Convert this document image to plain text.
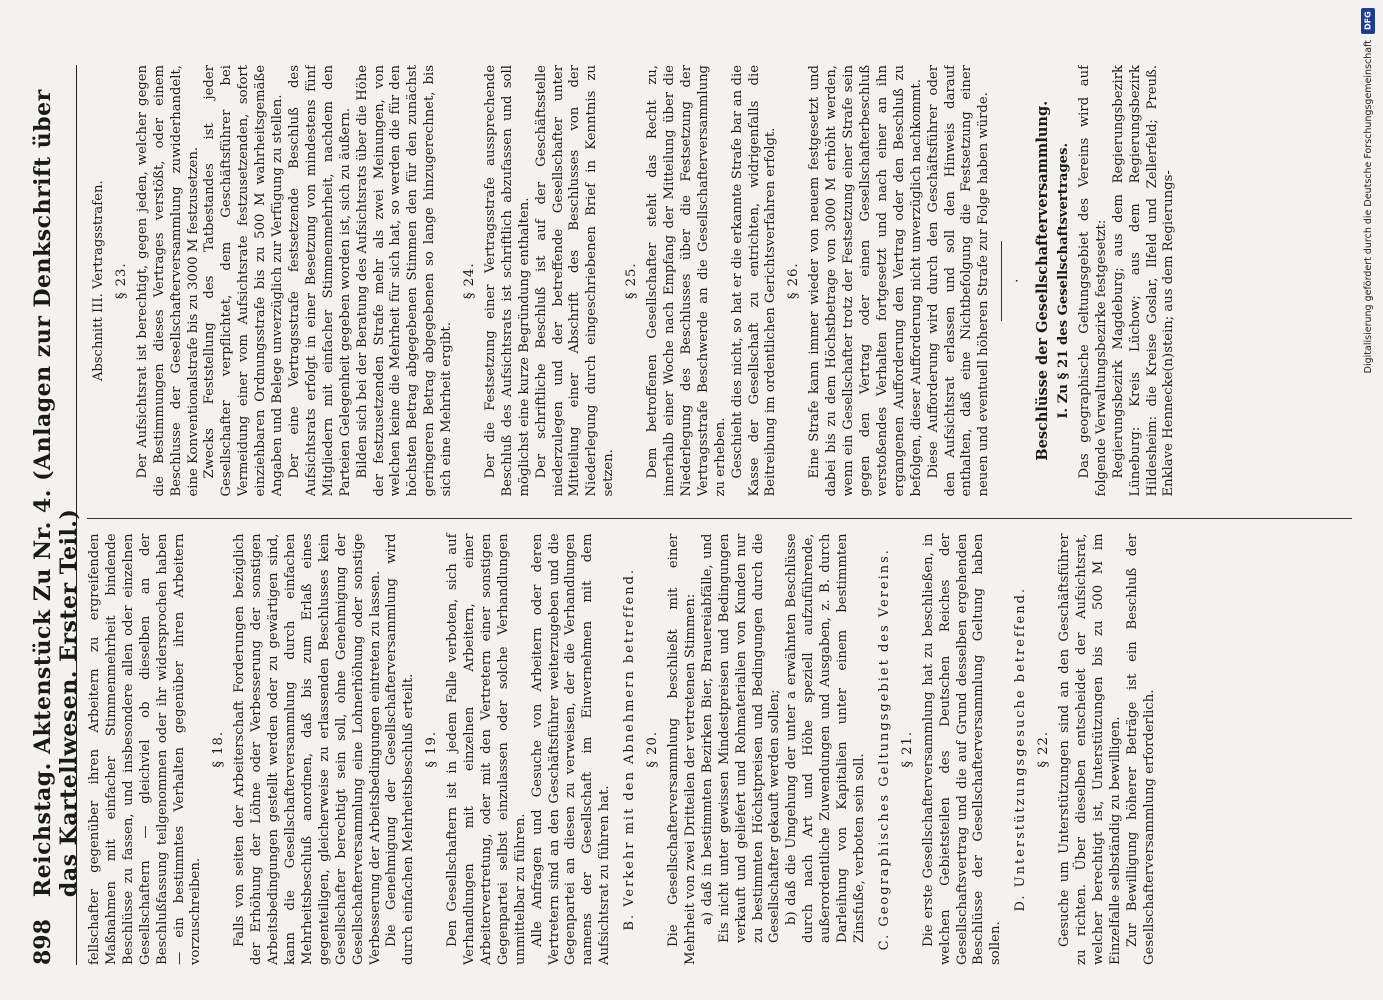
898
Reichstag. Aktenstück Zu Nr. 4. (Anlagen zur Denkschrift über das Kartellwesen. Erster Teil.) fellschafter gegenüber ihren Arbeitern zu ergreifenden Maßnahmen mit einfacher Stimmenmehrheit bindende Beschlüsse zu fassen, und insbesondere allen oder einzelnen Gesellschaftern — gleichviel ob dieselben an der Beschlußfassung teilgenommen oder ihr widersprochen haben — ein bestimmtes Verhalten gegenüber ihren Arbeitern vorzuschreiben.

§ 18. Falls von seiten der Arbeiterschaft Forderungen bezüglich der Erhöhung der Löhne oder Verbesserung der sonstigen Arbeitsbedingungen gestellt werden oder zu gewärtigen sind, kann die Gesellschafterversammlung durch einfachen Mehrheitsbeschluß anordnen, daß bis zum Erlaß eines gegenteiligen, gleicherweise zu erlassenden Beschlusses kein Gesellschafter berechtigt sein soll, ohne Genehmigung der Gesellschafterversammlung eine Lohnerhöhung oder sonstige Verbesserung der Arbeitsbedingungen eintreten zu lassen. Die Genehmigung der Gesellschafterversammlung wird durch einfachen Mehrheitsbeschluß erteilt. § 19. Den Gesellschaftern ist in jedem Falle verboten, sich auf Verhandlungen mit einzelnen Arbeitern, einer Arbeitervertretung, oder mit den Vertretern einer sonstigen Gegenpartei selbst einzulassen oder solche Verhandlungen unmittelbar zu führen. Alle Anfragen und Gesuche von Arbeitern oder deren Vertretern sind an den Geschäftsführer weiterzugeben und die Gegenpartei an diesen zu verweisen, der die Verhandlungen namens der Gesellschaft im Einvernehmen mit dem Aufsichtsrat zu führen hat. B. Verkehr mit den Abnehmern betreffend. § 20. Die Gesellschafterversammlung beschließt mit einer Mehrheit von zwei Dritteilen der vertretenen Stimmen: a) daß in bestimmten Bezirken Bier, Brauereiabfälle, und Eis nicht unter gewissen Mindestpreisen und Bedingungen verkauft und geliefert und Rohmaterialien von Kunden nur zu bestimmten Höchstpreisen und Bedingungen durch die Gesellschafter gekauft werden sollen; b) daß die Umgehung der unter a erwähnten Beschlüsse durch nach Art und Höhe speziell aufzuführende, außerordentliche Zuwendungen und Ausgaben, z. B. durch Darleihung von Kapitalien unter einem bestimmten Zinsfuße, verboten sein soll. C. Geographisches Geltungsgebiet des Vereins. § 21. Die erste Gesellschafterversammlung hat zu beschließen, in welchen Gebietsteilen des Deutschen Reiches der Gesellschaftsvertrag und die auf Grund desselben ergehenden Beschlüsse der Gesellschafterversammlung Geltung haben sollen.

D. Unterstützungsgesuche betreffend. § 22. Gesuche um Unterstützungen sind an den Geschäftsführer zu richten. Über dieselben entscheidet der Aufsichtsrat, welcher berechtigt ist, Unterstützungen bis zu 500 M im Einzelfalle selbständig zu bewilligen. Zur Bewilligung höherer Beträge ist ein Beschluß der Gesellschafterversammlung erforderlich.

Abschnitt III. Vertragsstrafen. § 23. Der Aufsichtsrat ist berechtigt, gegen jeden, welcher gegen die Bestimmungen dieses Vertrages verstößt, oder einem Beschlusse der Gesellschafterversammlung zuwiderhandelt, eine Konventionalstrafe bis zu 3000 M festzusetzen. Zwecks Feststellung des Tatbestandes ist jeder Gesellschafter verpflichtet, dem Geschäftsführer bei Vermeidung einer vom Aufsichtsrate festzusetzenden, sofort einziehbaren Ordnungsstrafe bis zu 500 M wahrheitsgemäße Angaben und Belege unverzüglich zur Verfügung zu stellen. Der eine Vertragsstrafe festsetzende Beschluß des Aufsichtsrats erfolgt in einer Besetzung von mindestens fünf Mitgliedern mit einfacher Stimmenmehrheit, nachdem den Parteien Gelegenheit gegeben worden ist, sich zu äußern. Bilden sich bei der Beratung des Aufsichtsrats über die Höhe der festzusetzenden Strafe mehr als zwei Meinungen, von welchen keine die Mehrheit für sich hat, so werden die für den höchsten Betrag abgegebenen Stimmen den für den zunächst geringeren Betrag abgegebenen so lange hinzugerechnet, bis sich eine Mehrheit ergibt.

§ 24. Der die Festsetzung einer Vertragsstrafe aussprechende Beschluß des Aufsichtsrats ist schriftlich abzufassen und soll möglichst eine kurze Begründung enthalten. Der schriftliche Beschluß ist auf der Geschäftsstelle niederzulegen und der betreffende Gesellschafter unter Mitteilung einer Abschrift des Beschlusses von der Niederlegung durch eingeschriebenen Brief in Kenntnis zu setzen.

§ 25. Dem betroffenen Gesellschafter steht das Recht zu, innerhalb einer Woche nach Empfang der Mitteilung über die Niederlegung des Beschlusses über die Festsetzung der Vertragsstrafe Beschwerde an die Gesellschafterversammlung zu erheben. Geschieht dies nicht, so hat er die erkannte Strafe bar an die Kasse der Gesellschaft zu entrichten, widrigenfalls die Beitreibung im ordentlichen Gerichtsverfahren erfolgt. § 26. Eine Strafe kann immer wieder von neuem festgesetzt und dabei bis zu dem Höchstbetrage von 3000 M erhöht werden, wenn ein Gesellschafter trotz der Festsetzung einer Strafe sein gegen den Vertrag oder einen Gesellschafterbeschluß verstoßendes Verhalten fortgesetzt und nach einer an ihn ergangenen Aufforderung den Vertrag oder den Beschluß zu befolgen, dieser Aufforderung nicht unverzüglich nachkommt. Diese Aufforderung wird durch den Geschäftsführer oder den Aufsichtsrat erlassen und soll den Hinweis darauf enthalten, daß eine Nichtbefolgung die Festsetzung einer neuen und eventuell höheren Strafe zur Folge haben würde. · Beschlüsse der Gesellschafterversammlung. I. Zu § 21 des Gesellschaftsvertrages. Das geographische Geltungsgebiet des Vereins wird auf folgende Verwaltungsbezirke festgesetzt: Regierungsbezirk Magdeburg; aus dem Regierungsbezirk Lüneburg: Kreis Lüchow; aus dem Regierungsbezirk Hildesheim: die Kreise Goslar, Ilfeld und Zellerfeld; Preuß. Enklave Hennecke(n)stein; aus dem Regierungs-

DFG
Digitalisierung gefördert durch die Deutsche Forschungsgemeinschaft
